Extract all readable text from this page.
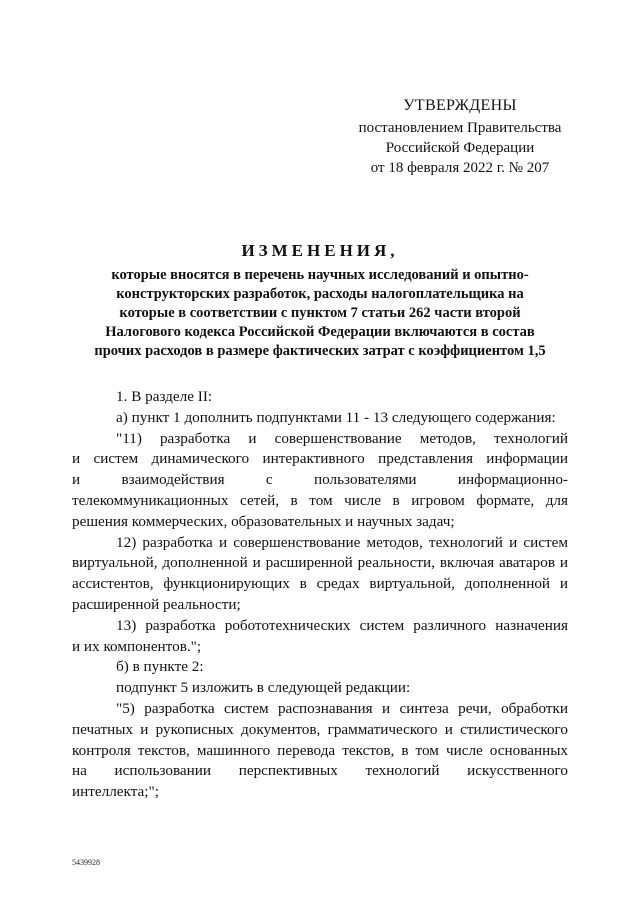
УТВЕРЖДЕНЫ
постановлением Правительства
Российской Федерации
от 18 февраля 2022 г. № 207
ИЗМЕНЕНИЯ,
которые вносятся в перечень научных исследований и опытно-
конструкторских разработок, расходы налогоплательщика на
которые в соответствии с пунктом 7 статьи 262 части второй
Налогового кодекса Российской Федерации включаются в состав
прочих расходов в размере фактических затрат с коэффициентом 1,5

1. В разделе II:

а) пункт 1 дополнить подпунктами 11 - 13 следующего содержания:

"11) разработка и совершенствование методов, технологий

и систем динамического интерактивного представления информации

и взаимодействия с пользователями информационно-

телекоммуникационных сетей, в том числе в игровом формате, для

решения коммерческих, образовательных и научных задач;

12) разработка и совершенствование методов, технологий и систем

виртуальной, дополненной и расширенной реальности, включая аватаров и

ассистентов, функционирующих в средах виртуальной, дополненной и

расширенной реальности;

13) разработка робототехнических систем различного назначения

и их компонентов.";

б) в пункте 2:

подпункт 5 изложить в следующей редакции:

"5) разработка систем распознавания и синтеза речи, обработки

печатных и рукописных документов, грамматического и стилистического

контроля текстов, машинного перевода текстов, в том числе основанных

на использовании перспективных технологий искусственного

интеллекта;";

5439928
